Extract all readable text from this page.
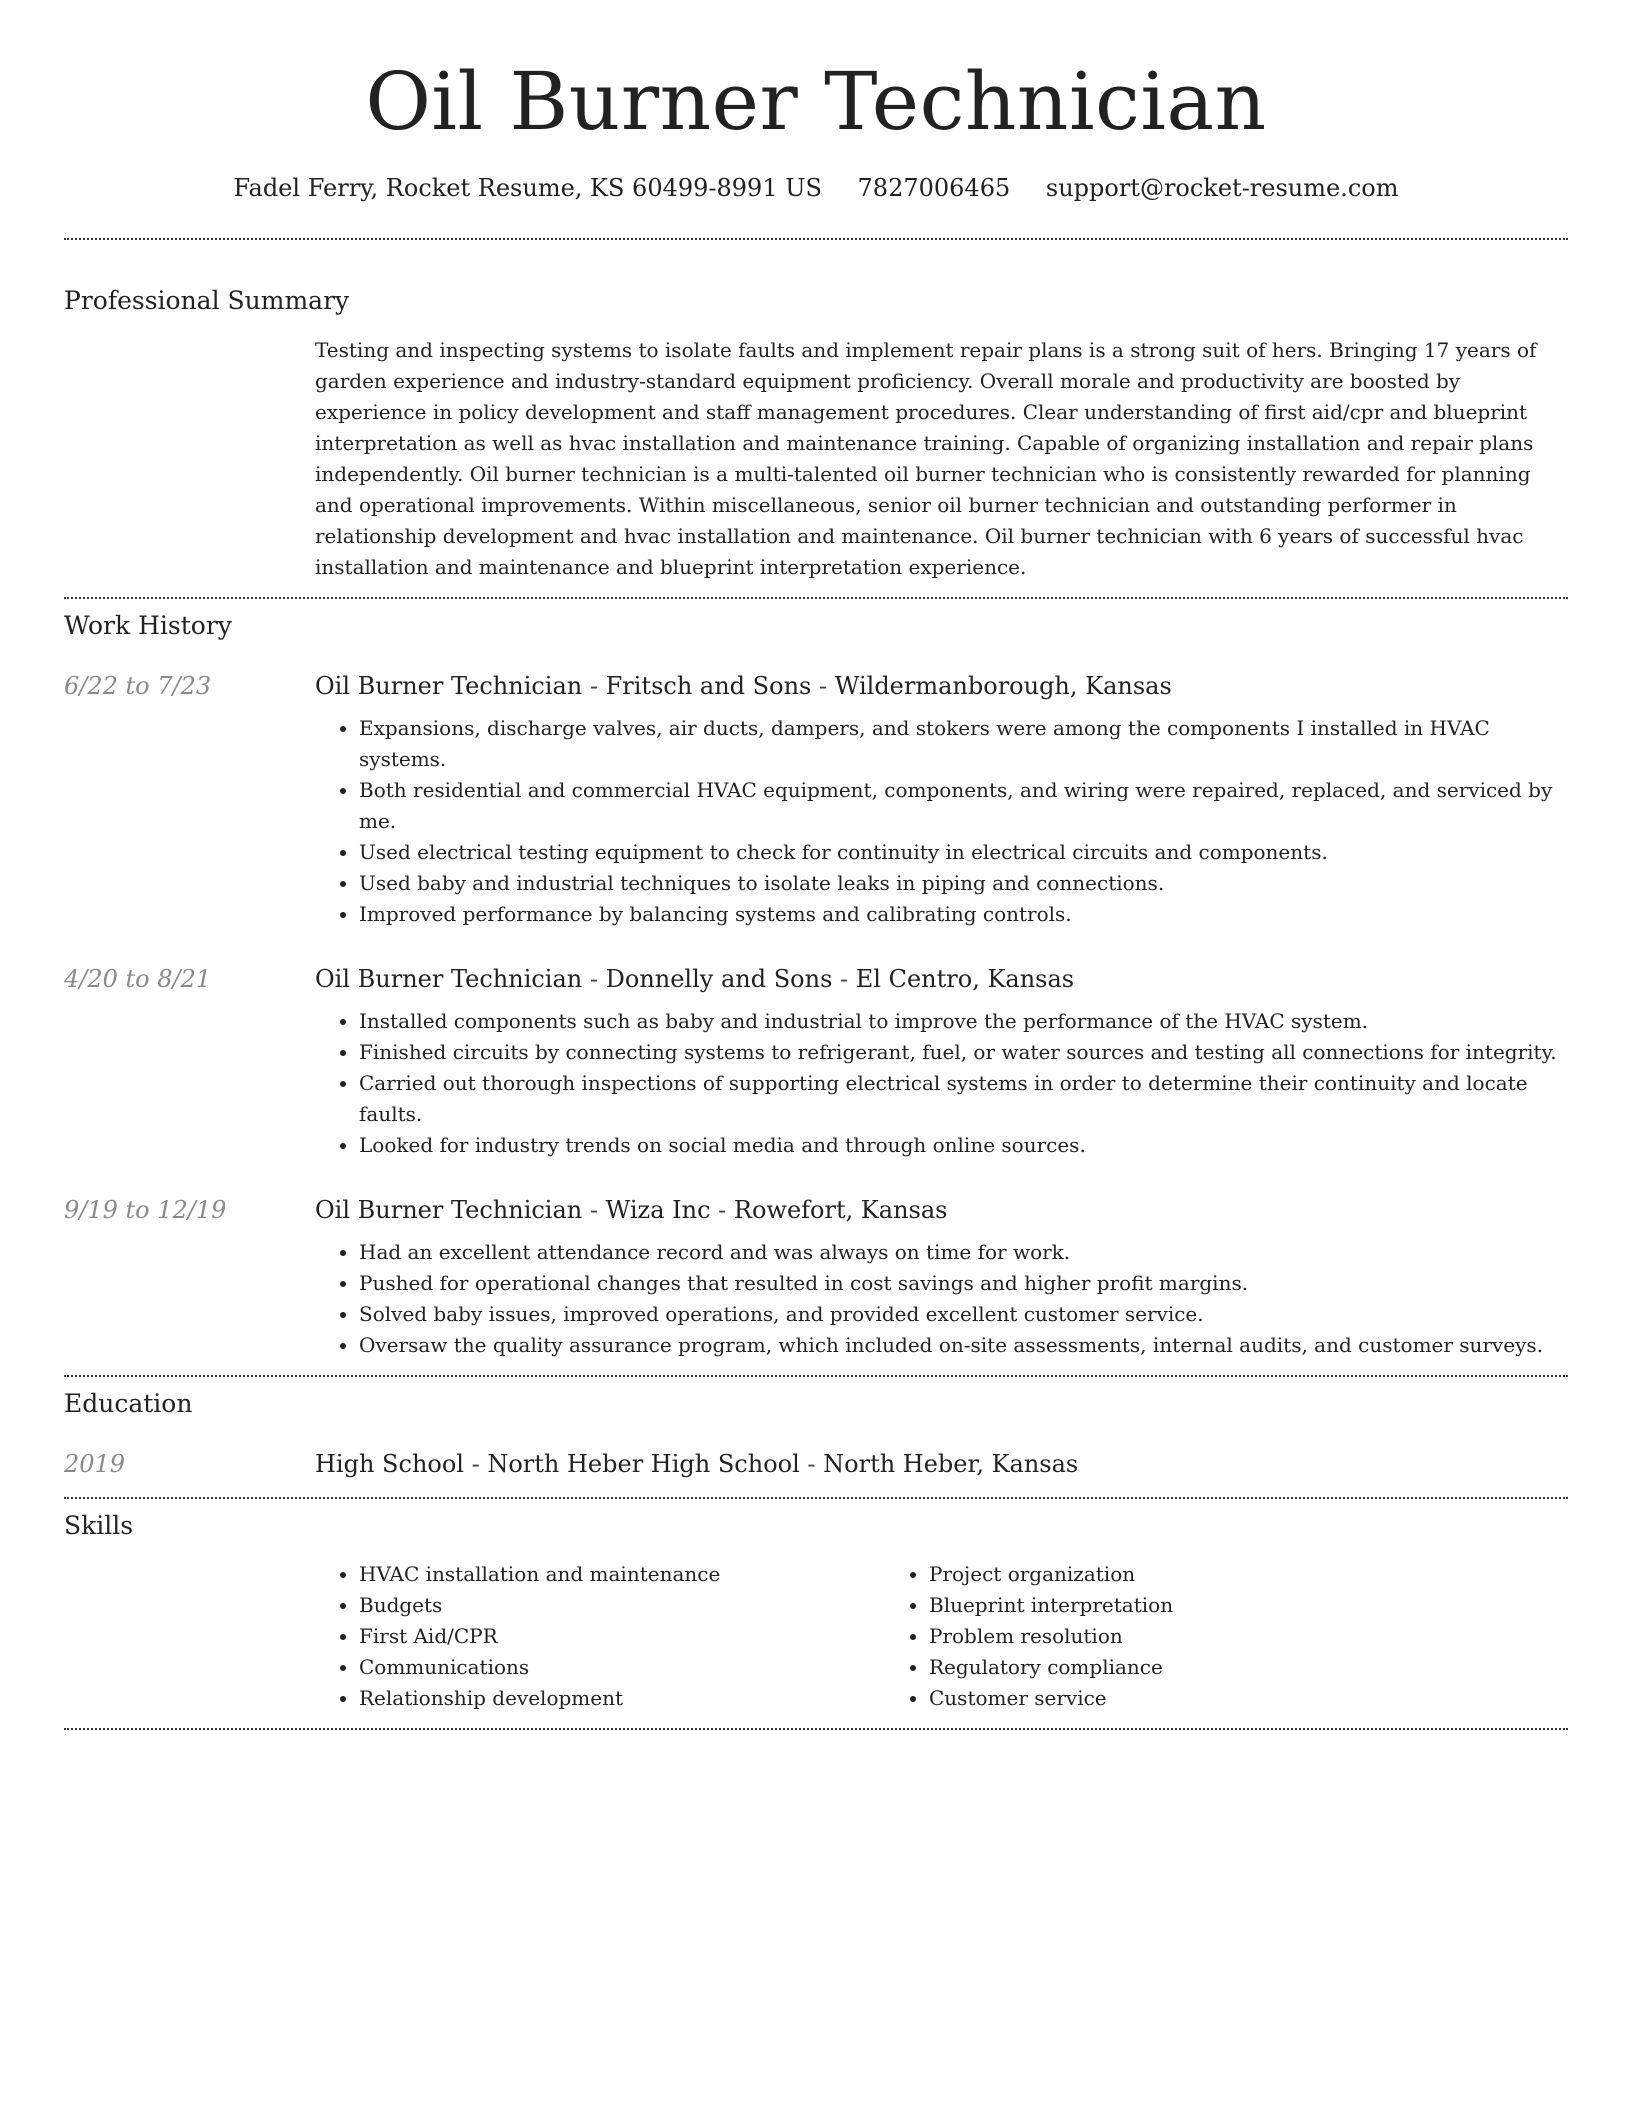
Oil Burner Technician
Fadel Ferry, Rocket Resume, KS 60499-8991 US 7827006465 support@rocket-resume.com
Professional Summary
Testing and inspecting systems to isolate faults and implement repair plans is a strong suit of hers. Bringing 17 years of garden experience and industry-standard equipment proficiency. Overall morale and productivity are boosted by experience in policy development and staff management procedures. Clear understanding of first aid/cpr and blueprint interpretation as well as hvac installation and maintenance training. Capable of organizing installation and repair plans independently. Oil burner technician is a multi-talented oil burner technician who is consistently rewarded for planning and operational improvements. Within miscellaneous, senior oil burner technician and outstanding performer in relationship development and hvac installation and maintenance. Oil burner technician with 6 years of successful hvac installation and maintenance and blueprint interpretation experience.
Work History
6/22 to 7/23	Oil Burner Technician - Fritsch and Sons - Wildermanborough, Kansas
• Expansions, discharge valves, air ducts, dampers, and stokers were among the components I installed in HVAC systems.
• Both residential and commercial HVAC equipment, components, and wiring were repaired, replaced, and serviced by me.
• Used electrical testing equipment to check for continuity in electrical circuits and components.
• Used baby and industrial techniques to isolate leaks in piping and connections.
• Improved performance by balancing systems and calibrating controls.
4/20 to 8/21	Oil Burner Technician - Donnelly and Sons - El Centro, Kansas
• Installed components such as baby and industrial to improve the performance of the HVAC system.
• Finished circuits by connecting systems to refrigerant, fuel, or water sources and testing all connections for integrity.
• Carried out thorough inspections of supporting electrical systems in order to determine their continuity and locate faults.
• Looked for industry trends on social media and through online sources.
9/19 to 12/19	Oil Burner Technician - Wiza Inc - Rowefort, Kansas
• Had an excellent attendance record and was always on time for work.
• Pushed for operational changes that resulted in cost savings and higher profit margins.
• Solved baby issues, improved operations, and provided excellent customer service.
• Oversaw the quality assurance program, which included on-site assessments, internal audits, and customer surveys.
Education
2019	High School - North Heber High School - North Heber, Kansas
Skills
• HVAC installation and maintenance
• Budgets
• First Aid/CPR
• Communications
• Relationship development
• Project organization
• Blueprint interpretation
• Problem resolution
• Regulatory compliance
• Customer service
